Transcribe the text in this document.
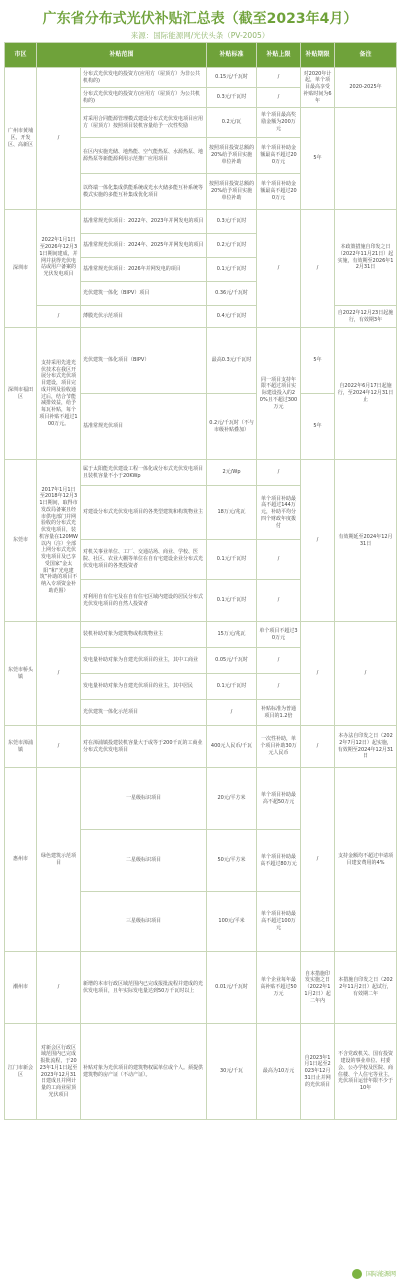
广东省分布式光伏补贴汇总表（截至2023年4月）
来源：国际能源网/光伏头条（PV-2005）
市区	补贴范围		补贴标准	补贴上限	补贴期限	备注
广州市黄埔区、开发区、高新区	/	分布式光伏发电的投资方(应用方（屋顶方）为非公共机构的)	0.15元/千瓦时	/	对2020年计起，单个项目最高享受补贴时间为6年	2020-2025年
		分布式光伏发电的投资方(应用方（屋顶方）为公共机构的)	0.3元/千瓦时	/		
		对采用合同能源管理模式建设分布式光伏发电项目应用方（屋顶方）按照项目装机容量给予一次性奖励	0.2元/瓦	单个项目最高奖励金额为200万元	5年	
		在区内实施光储、地热能、空气能热泵、水源热泵、地源热泵等新能源利用示范推广应用项目	按照项目投资总额的20%给予项目实施单位补助	单个项目补助金额最高不超过200万元		
		以终端一体化集成供能系统或光水火储多能互补系统等模式实施的多能互补集成优化项目	按照项目投资总额的20%给予项目实施单位补助	单个项目补助金额最高不超过200万元		
深圳市	2022年1月1日至2026年12月31日期间建成，并网并获得光伏电站或用户备案的光伏发电项目	基准常规光伏项目：2022年、2023年并网发电的项目	0.3元/千瓦时	/	/	本政策措施自印发之日（2022年11月21日）起实施，有效期至2026年12月31日
		基准常规光伏项目：2024年、2025年并网发电的项目	0.2元/千瓦时			
		基准常规光伏项目：2026年并网发电的项目	0.1元/千瓦时			
		光伏建筑一体化（BIPV）项目	0.36元/千瓦时			
	/	薄膜光伏示范项目	0.4元/千瓦时			自2022年12月23日起施行，有效期3年
深圳市福田区	支持采用先进光伏技术在我区开展分布式光伏项目建设，项目完成并网及验收通过后，结合节能减排效益，给予每瓦补贴，每个项目补贴不超过100万元。	光伏建筑一体化项目（BIPV）	最高0.3元/千瓦时	同一项目支持年限不超过项目实际建设投入的20%且不超过300万元	5年	自2022年6月17日起施行，至2024年12月31日止
		基准常规光伏项目	0.2元/千瓦时（不与市级补贴叠加）		5年	
东莞市	2017年1月1日至2018年12月31日期间，取得市发改局备案且经市供电部门并网验收的分布式光伏发电项目，装机容量在120MW以内（注）全部上网分布式光伏发电项目及已享受国家“金太阳”和“光电建筑”补助的项目不纳入专项资金补助范围）	属于太阳能光伏建设工程一体化或分布式光伏发电项目且装机容量不小于20KWp	2元/Wp	/	/	有效期延至2024年12月31日
		对建设分布式光伏发电项目的各类型建筑和构筑物业主	18万元/兆瓦	单个项目补助最高不超过144万元，补助平均分四个财政年度拨付		
		对机关事业单位、工厂、交通站场、商业、学校、医院、社区、农业大棚等单位在自有宅建设企业分布式光伏发电项目的各类投资者	0.1元/千瓦时	/		
		对利用自有住宅及在自有住宅区域内建设的居民分布式光伏发电项目的自然人投资者	0.1元/千瓦时	/		
东莞市桥头镇	/	装机补助对象为建筑物或构筑物业主	15万元/兆瓦	单个项目不超过30万元	/	/
		发电量补助对象为自建光伏项目的业主，其中工商业	0.05元/千瓦时	/		
		发电量补助对象为自建光伏项目的业主，其中居民	0.1元/千瓦时	/		
		光伏建筑一体化示范项目	/	补贴标准为普通项目的1.2倍		
东莞市漳浦镇	/	对在漳浦镇投建装机容量大于或等于200千瓦的工商业分布式光伏发电项目	400元人民币/千瓦	一次性补助，单个项目补助30万元人民币	/	本办法自印发之日（2022年7月12日）起实施，有效期至2024年12月31日
惠州市	绿色建筑示范项目	一星级标识项目	20元/平方米	单个项目补助最高不超50万元	/	支持金额均不超过申请项目建安费用的4%
		二星级标识项目	50元/平方米	单个项目补助最高不超过80万元		
		三星级标识项目	100元/平米	单个项目补助最高不超过100万元		
潮州市	/	新增的本市行政区域范围内已完成报批流程并建成的光伏发电项目，且年实际发电量达到50万千瓦时以上	0.01元/千瓦时	单个企业每年最高补贴不超过50万元	自本措施印发实施之日（2022年11月2日）起二年内	本措施自印发之日（2022年11月2日）起试行，有效期二年
江门市新会区	对新会区行政区域范围内已完成报批流程，于2023年1月1日起至2023年12月31日建成且并网计量的工商业屋顶光伏项目	补贴对象为光伏项目的建筑物权属单位或个人。须提供建筑物的房产证（不动产证）。	30元/千瓦	最高为10万元	自2023年1月1日起至2023年12月31日止并网的光伏项目	不含党政机关、国有投资建设的事业单位、村委会、公办学校及医院、商住楼、个人住宅等业主，光伏项目运营年限不少于10年
国际能源网
